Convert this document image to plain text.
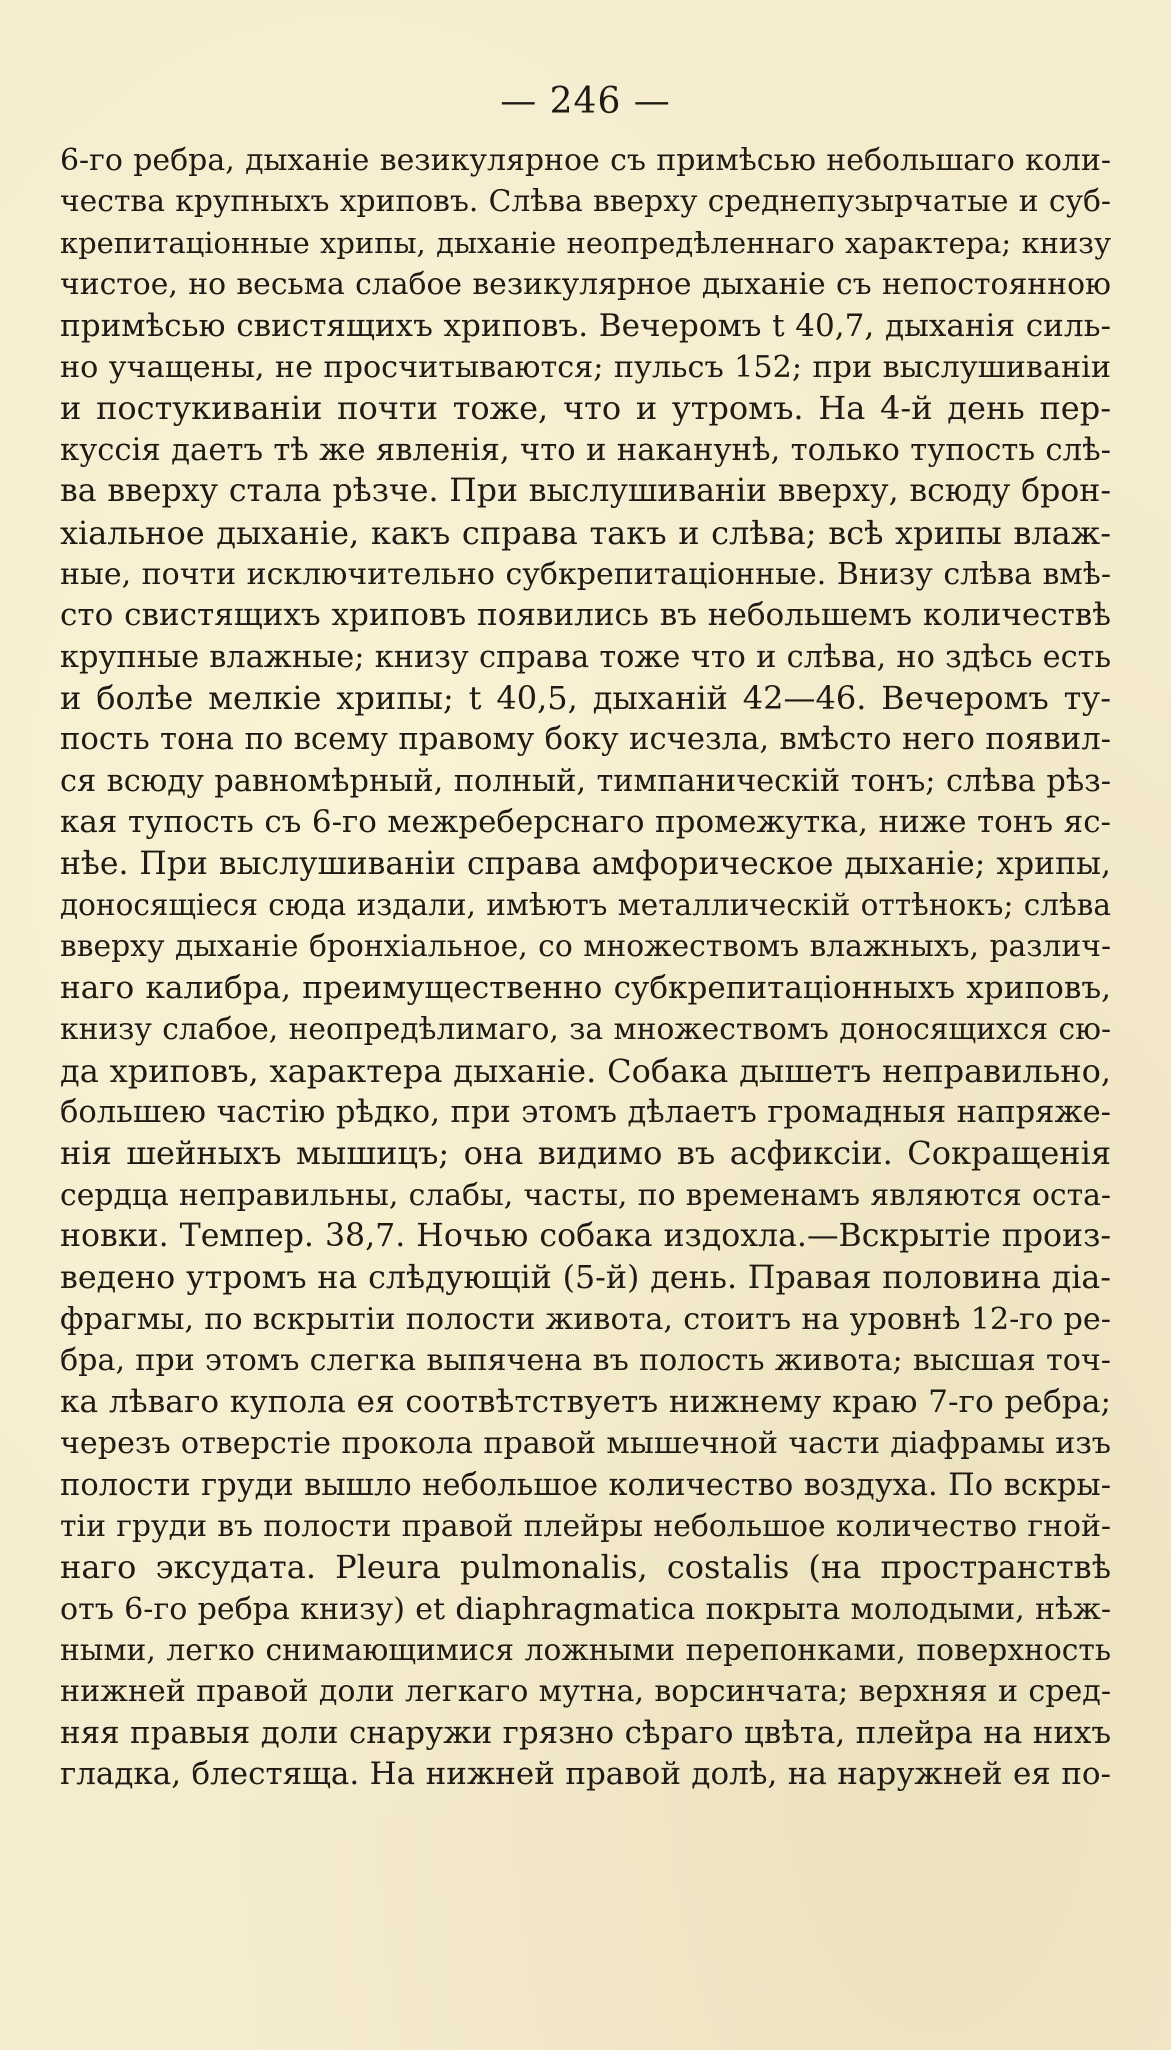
— 246 —
6-го ребра, дыханіе везикулярное съ примѣсью небольшаго коли-
чества крупныхъ хриповъ. Слѣва вверху среднепузырчатые и суб-
крепитаціонные хрипы, дыханіе неопредѣленнаго характера; книзу
чистое, но весьма слабое везикулярное дыханіе съ непостоянною
примѣсью свистящихъ хриповъ. Вечеромъ t 40,7, дыханія силь-
но учащены, не просчитываются; пульсъ 152; при выслушиваніи
и постукиваніи почти тоже, что и утромъ. На 4-й день пер-
куссія даетъ тѣ же явленія, что и наканунѣ, только тупость слѣ-
ва вверху стала рѣзче. При выслушиваніи вверху, всюду брон-
хіальное дыханіе, какъ справа такъ и слѣва; всѣ хрипы влаж-
ные, почти исключительно субкрепитаціонные. Внизу слѣва вмѣ-
сто свистящихъ хриповъ появились въ небольшемъ количествѣ
крупные влажные; книзу справа тоже что и слѣва, но здѣсь есть
и болѣе мелкіе хрипы; t 40,5, дыханій 42—46. Вечеромъ ту-
пость тона по всему правому боку исчезла, вмѣсто него появил-
ся всюду равномѣрный, полный, тимпаническій тонъ; слѣва рѣз-
кая тупость съ 6-го межреберснаго промежутка, ниже тонъ яс-
нѣе. При выслушиваніи справа амфорическое дыханіе; хрипы,
доносящіеся сюда издали, имѣютъ металлическій оттѣнокъ; слѣва
вверху дыханіе бронхіальное, со множествомъ влажныхъ, различ-
наго калибра, преимущественно субкрепитаціонныхъ хриповъ,
книзу слабое, неопредѣлимаго, за множествомъ доносящихся сю-
да хриповъ, характера дыханіе. Собака дышетъ неправильно,
большею частію рѣдко, при этомъ дѣлаетъ громадныя напряже-
нія шейныхъ мышицъ; она видимо въ асфиксіи. Сокращенія
сердца неправильны, слабы, часты, по временамъ являются оста-
новки. Темпер. 38,7. Ночью собака издохла.—Вскрытіе произ-
ведено утромъ на слѣдующій (5-й) день. Правая половина діа-
фрагмы, по вскрытіи полости живота, стоитъ на уровнѣ 12-го ре-
бра, при этомъ слегка выпячена въ полость живота; высшая точ-
ка лѣваго купола ея соотвѣтствуетъ нижнему краю 7-го ребра;
черезъ отверстіе прокола правой мышечной части діафрамы изъ
полости груди вышло небольшое количество воздуха. По вскры-
тіи груди въ полости правой плейры небольшое количество гной-
наго эксудата. Pleura pulmonalis, costalis (на пространствѣ
отъ 6-го ребра книзу) et diaphragmatica покрыта молодыми, нѣж-
ными, легко снимающимися ложными перепонками, поверхность
нижней правой доли легкаго мутна, ворсинчата; верхняя и сред-
няя правыя доли снаружи грязно сѣраго цвѣта, плейра на нихъ
гладка, блестяща. На нижней правой долѣ, на наружней ея по-
